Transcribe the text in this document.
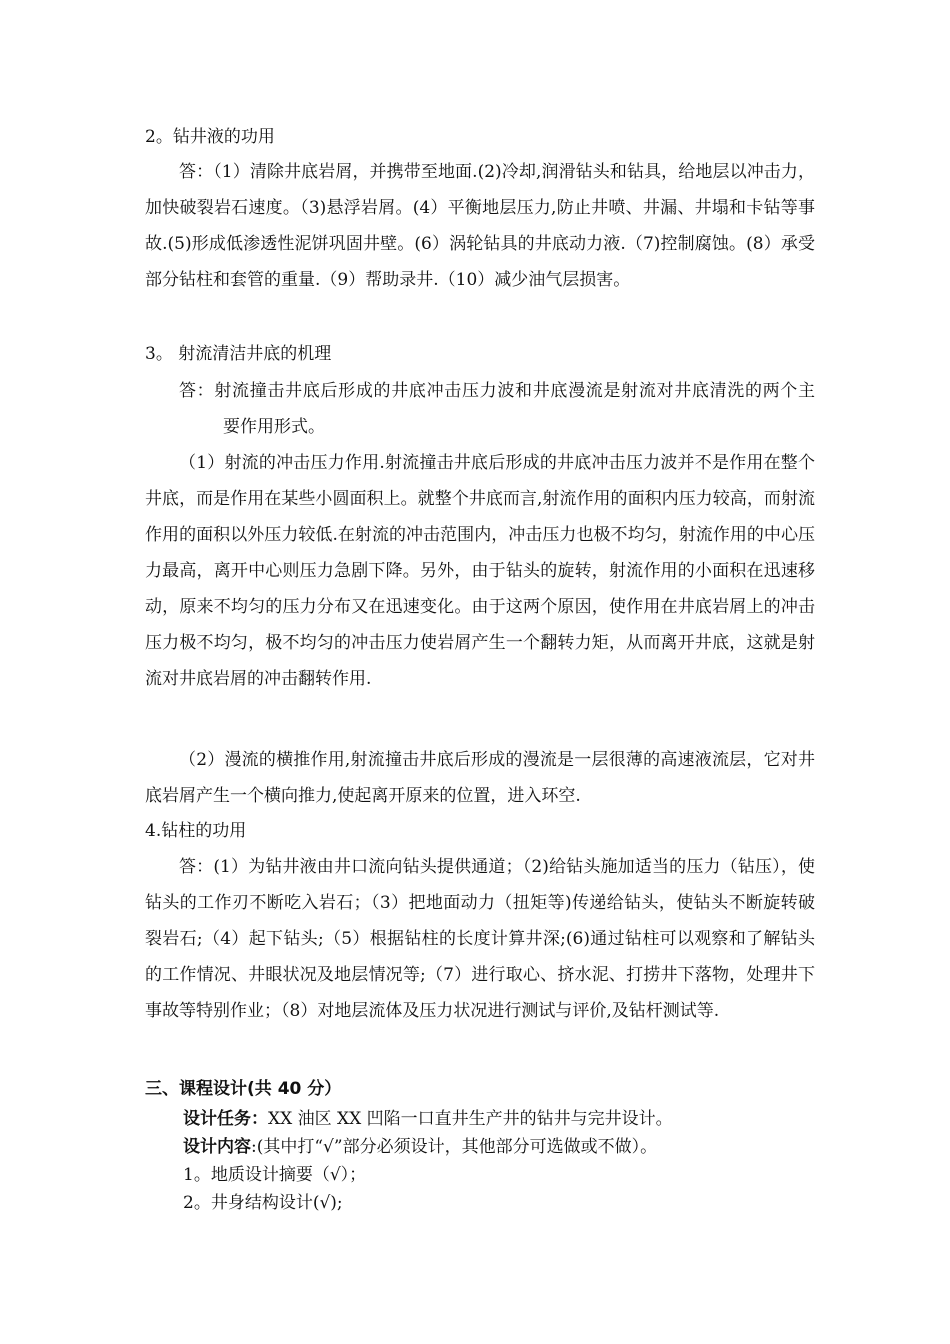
2。钻井液的功用
答：（1）清除井底岩屑，并携带至地面.(2)冷却,润滑钻头和钻具，给地层以冲击力，加快破裂岩石速度。（3)悬浮岩屑。(4）平衡地层压力,防止井喷、井漏、井塌和卡钻等事故.(5)形成低渗透性泥饼巩固井壁。(6）涡轮钻具的井底动力液.（7)控制腐蚀。(8）承受部分钻柱和套管的重量.（9）帮助录井.（10）减少油气层损害。
3。 射流清洁井底的机理
答：射流撞击井底后形成的井底冲击压力波和井底漫流是射流对井底清洗的两个主要作用形式。
（1）射流的冲击压力作用.射流撞击井底后形成的井底冲击压力波并不是作用在整个井底，而是作用在某些小圆面积上。就整个井底而言,射流作用的面积内压力较高，而射流作用的面积以外压力较低.在射流的冲击范围内，冲击压力也极不均匀，射流作用的中心压力最高，离开中心则压力急剧下降。另外，由于钻头的旋转，射流作用的小面积在迅速移动，原来不均匀的压力分布又在迅速变化。由于这两个原因，使作用在井底岩屑上的冲击压力极不均匀，极不均匀的冲击压力使岩屑产生一个翻转力矩，从而离开井底，这就是射流对井底岩屑的冲击翻转作用.
（2）漫流的横推作用,射流撞击井底后形成的漫流是一层很薄的高速液流层，它对井底岩屑产生一个横向推力,使起离开原来的位置，进入环空.
4.钻柱的功用
答：(1）为钻井液由井口流向钻头提供通道；（2)给钻头施加适当的压力（钻压），使钻头的工作刃不断吃入岩石；（3）把地面动力（扭矩等)传递给钻头，使钻头不断旋转破裂岩石;（4）起下钻头;（5）根据钻柱的长度计算井深;(6)通过钻柱可以观察和了解钻头的工作情况、井眼状况及地层情况等;（7）进行取心、挤水泥、打捞井下落物，处理井下事故等特别作业；（8）对地层流体及压力状况进行测试与评价,及钻杆测试等.
三、课程设计(共 40 分）
设计任务：XX 油区 XX 凹陷一口直井生产井的钻井与完井设计。
设计内容:(其中打“√”部分必须设计，其他部分可选做或不做）。
1。地质设计摘要（√）；
2。井身结构设计(√);
